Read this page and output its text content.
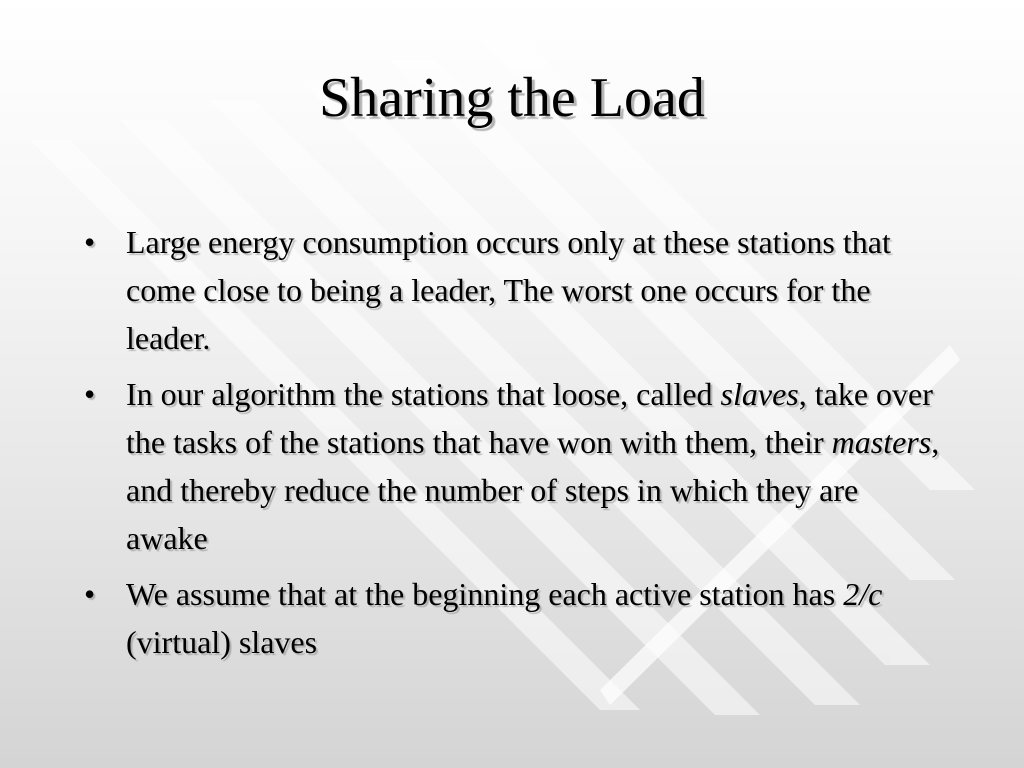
Sharing the Load
• Large energy consumption occurs only at these stations that come close to being a leader, The worst one occurs for the leader.
• In our algorithm the stations that loose, called slaves, take over the tasks of the stations that have won with them, their masters, and thereby reduce the number of steps in which they are awake
• We assume that at the beginning each active station has 2/c (virtual) slaves
